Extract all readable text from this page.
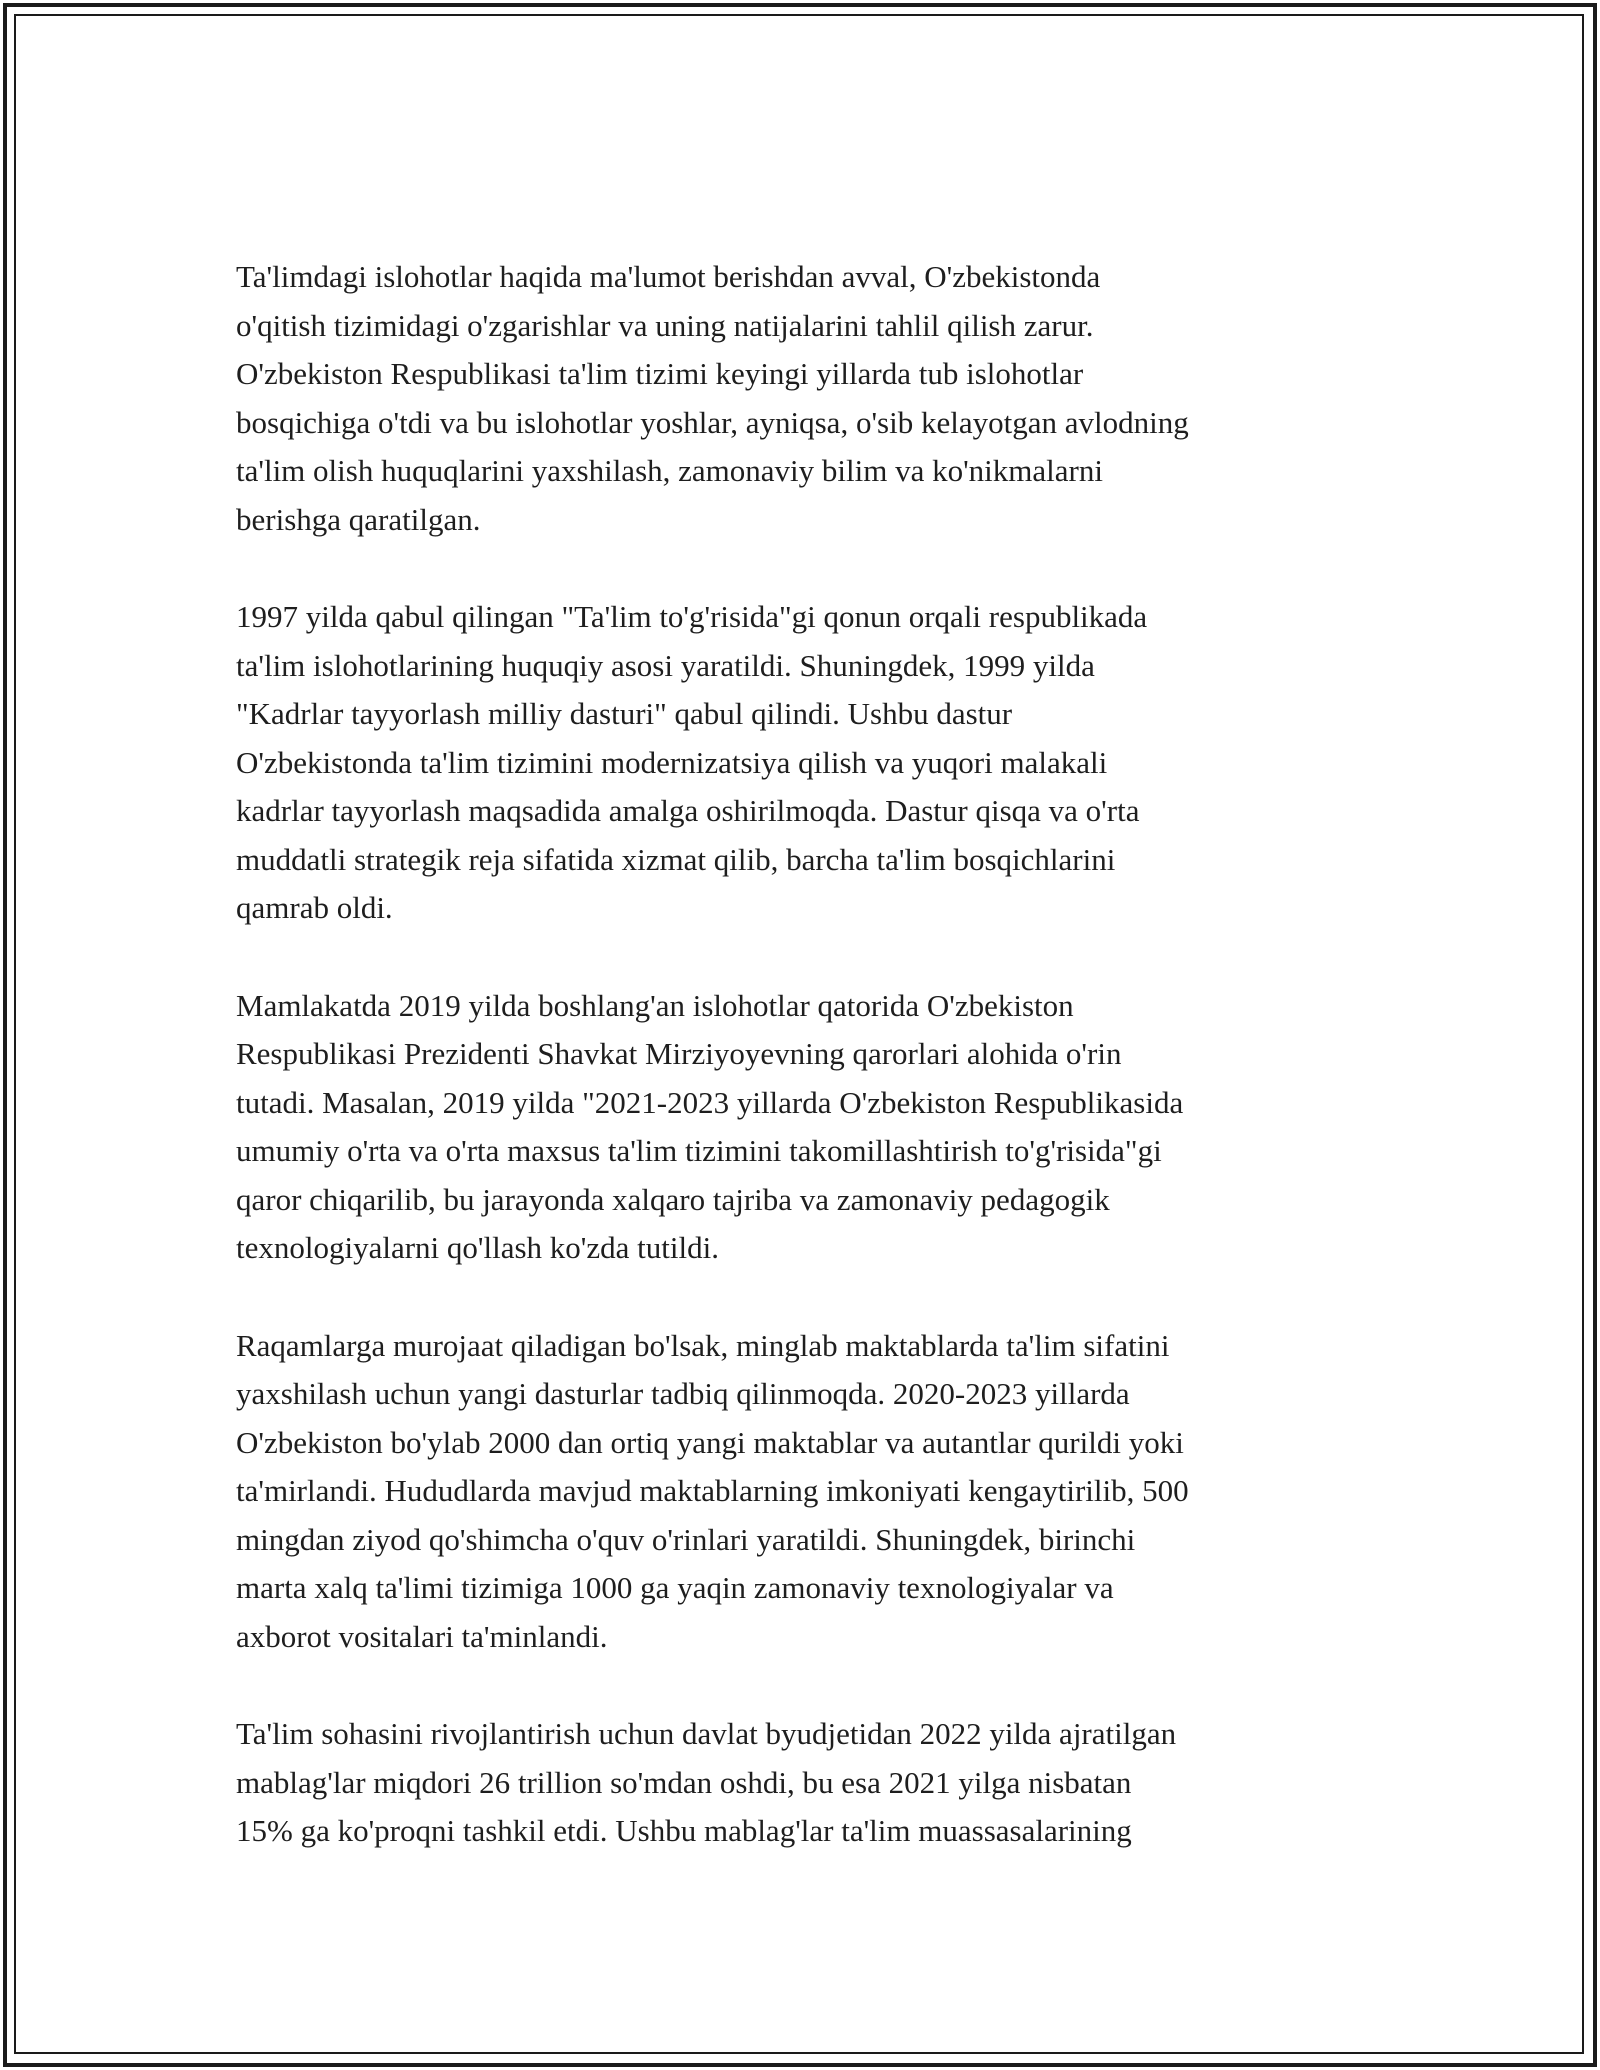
Ta'limdagi islohotlar haqida ma'lumot berishdan avval, O'zbekistonda
o'qitish tizimidagi o'zgarishlar va uning natijalarini tahlil qilish zarur.
O'zbekiston Respublikasi ta'lim tizimi keyingi yillarda tub islohotlar
bosqichiga o'tdi va bu islohotlar yoshlar, ayniqsa, o'sib kelayotgan avlodning
ta'lim olish huquqlarini yaxshilash, zamonaviy bilim va ko'nikmalarni
berishga qaratilgan.

1997 yilda qabul qilingan "Ta'lim to'g'risida"gi qonun orqali respublikada
ta'lim islohotlarining huquqiy asosi yaratildi. Shuningdek, 1999 yilda
"Kadrlar tayyorlash milliy dasturi" qabul qilindi. Ushbu dastur
O'zbekistonda ta'lim tizimini modernizatsiya qilish va yuqori malakali
kadrlar tayyorlash maqsadida amalga oshirilmoqda. Dastur qisqa va o'rta
muddatli strategik reja sifatida xizmat qilib, barcha ta'lim bosqichlarini
qamrab oldi.

Mamlakatda 2019 yilda boshlang'an islohotlar qatorida O'zbekiston
Respublikasi Prezidenti Shavkat Mirziyoyevning qarorlari alohida o'rin
tutadi. Masalan, 2019 yilda "2021-2023 yillarda O'zbekiston Respublikasida
umumiy o'rta va o'rta maxsus ta'lim tizimini takomillashtirish to'g'risida"gi
qaror chiqarilib, bu jarayonda xalqaro tajriba va zamonaviy pedagogik
texnologiyalarni qo'llash ko'zda tutildi.

Raqamlarga murojaat qiladigan bo'lsak, minglab maktablarda ta'lim sifatini
yaxshilash uchun yangi dasturlar tadbiq qilinmoqda. 2020-2023 yillarda
O'zbekiston bo'ylab 2000 dan ortiq yangi maktablar va autantlar qurildi yoki
ta'mirlandi. Hududlarda mavjud maktablarning imkoniyati kengaytirilib, 500
mingdan ziyod qo'shimcha o'quv o'rinlari yaratildi. Shuningdek, birinchi
marta xalq ta'limi tizimiga 1000 ga yaqin zamonaviy texnologiyalar va
axborot vositalari ta'minlandi.

Ta'lim sohasini rivojlantirish uchun davlat byudjetidan 2022 yilda ajratilgan
mablag'lar miqdori 26 trillion so'mdan oshdi, bu esa 2021 yilga nisbatan
15% ga ko'proqni tashkil etdi. Ushbu mablag'lar ta'lim muassasalarining
